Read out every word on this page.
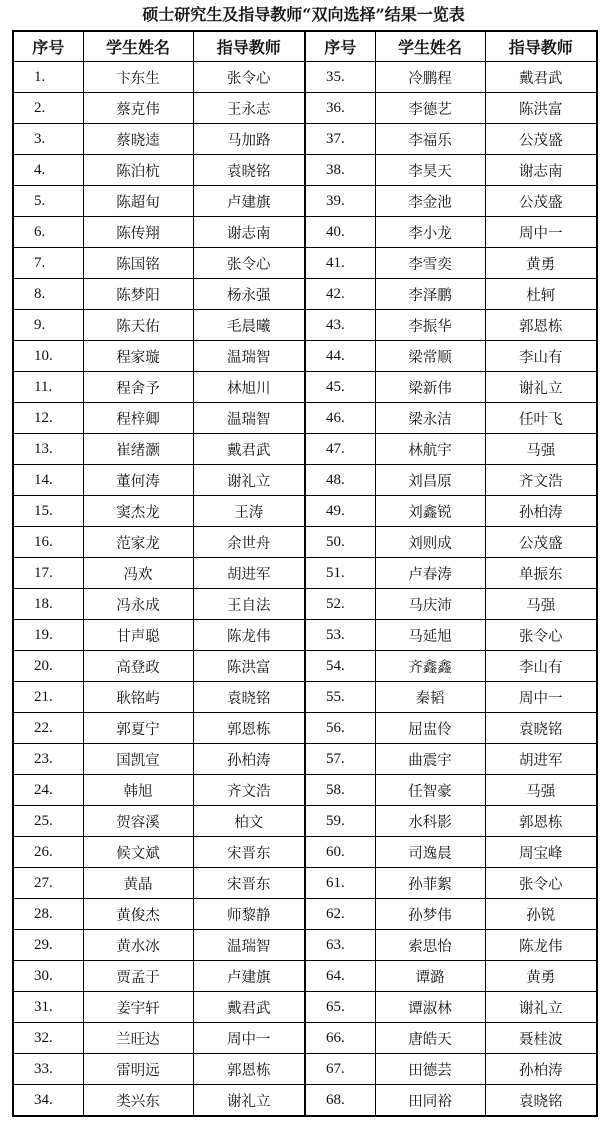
硕士研究生及指导教师“双向选择”结果一览表
序号	学生姓名	指导教师	序号	学生姓名	指导教师
1.	卞东生	张令心	35.	冷鹏程	戴君武
2.	蔡克伟	王永志	36.	李德艺	陈洪富
3.	蔡晓逵	马加路	37.	李福乐	公茂盛
4.	陈泊杭	袁晓铭	38.	李昊天	谢志南
5.	陈超旬	卢建旗	39.	李金池	公茂盛
6.	陈传翔	谢志南	40.	李小龙	周中一
7.	陈国铭	张令心	41.	李雪奕	黄勇
8.	陈梦阳	杨永强	42.	李泽鹏	杜轲
9.	陈天佑	毛晨曦	43.	李振华	郭恩栋
10.	程家璇	温瑞智	44.	梁常顺	李山有
11.	程舍予	林旭川	45.	梁新伟	谢礼立
12.	程梓卿	温瑞智	46.	梁永洁	任叶飞
13.	崔绪灏	戴君武	47.	林航宇	马强
14.	董何涛	谢礼立	48.	刘昌原	齐文浩
15.	窦杰龙	王涛	49.	刘鑫锐	孙柏涛
16.	范家龙	余世舟	50.	刘则成	公茂盛
17.	冯欢	胡进军	51.	卢春涛	单振东
18.	冯永成	王自法	52.	马庆沛	马强
19.	甘声聪	陈龙伟	53.	马延旭	张令心
20.	高登政	陈洪富	54.	齐鑫鑫	李山有
21.	耿铭屿	袁晓铭	55.	秦韬	周中一
22.	郭夏宁	郭恩栋	56.	屈盅伶	袁晓铭
23.	国凯宣	孙柏涛	57.	曲震宇	胡进军
24.	韩旭	齐文浩	58.	任智豪	马强
25.	贺容溪	柏文	59.	水科影	郭恩栋
26.	候文斌	宋晋东	60.	司逸晨	周宝峰
27.	黄晶	宋晋东	61.	孙菲絮	张令心
28.	黄俊杰	师黎静	62.	孙梦伟	孙锐
29.	黄水冰	温瑞智	63.	索思怡	陈龙伟
30.	贾孟于	卢建旗	64.	谭潞	黄勇
31.	姜宇轩	戴君武	65.	谭淑林	谢礼立
32.	兰旺达	周中一	66.	唐皓天	聂桂波
33.	雷明远	郭恩栋	67.	田德芸	孙柏涛
34.	类兴东	谢礼立	68.	田同裕	袁晓铭
